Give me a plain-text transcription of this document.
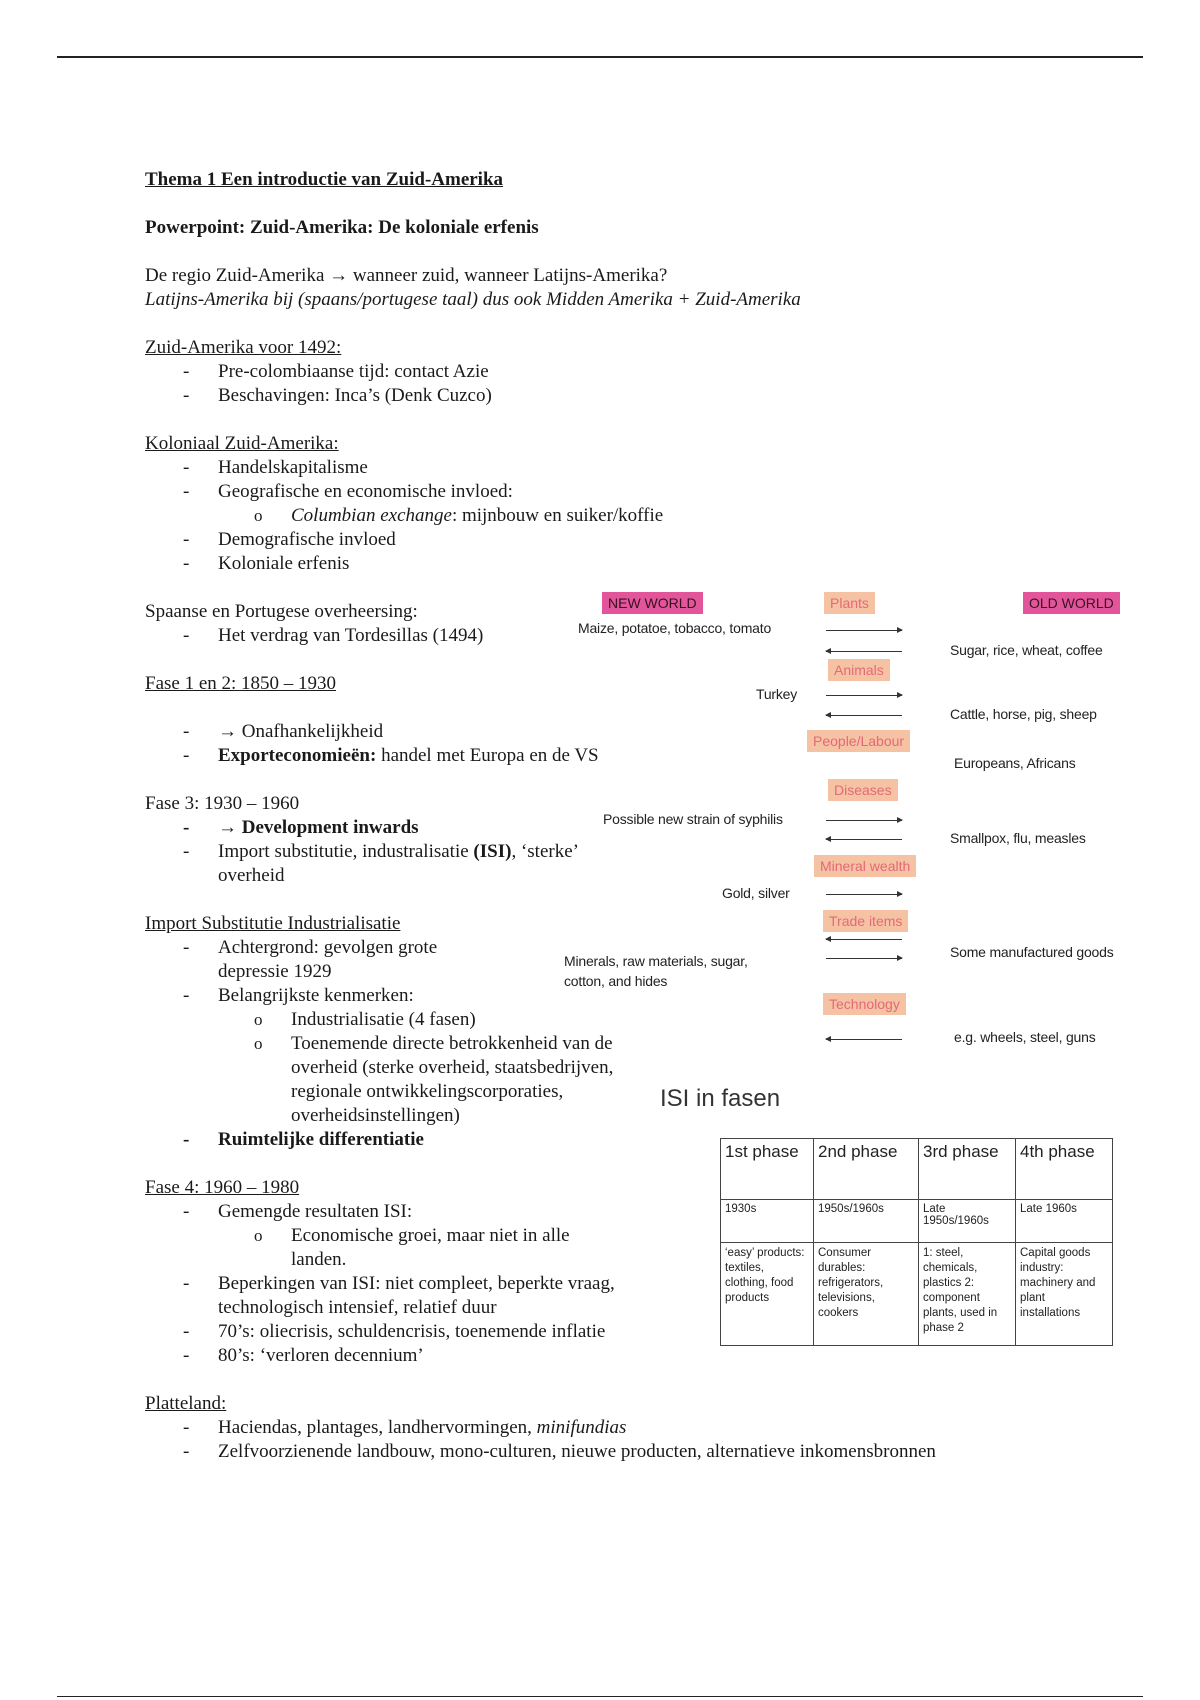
Thema 1 Een introductie van Zuid-Amerika

Powerpoint: Zuid-Amerika: De koloniale erfenis

De regio Zuid-Amerika → wanneer zuid, wanneer Latijns-Amerika?

Latijns-Amerika bij (spaans/portugese taal) dus ook Midden Amerika + Zuid-Amerika

Zuid-Amerika voor 1492:

- Pre-colombiaanse tijd: contact Azie
- Beschavingen: Inca’s (Denk Cuzco)

Koloniaal Zuid-Amerika:

- Handelskapitalisme
- Geografische en economische invloed:
o Columbian exchange: mijnbouw en suiker/koffie
- Demografische invloed
- Koloniale erfenis

Spaanse en Portugese overheersing:

- Het verdrag van Tordesillas (1494)

Fase 1 en 2: 1850 – 1930

- → Onafhankelijkheid
- Exporteconomieën: handel met Europa en de VS

Fase 3: 1930 – 1960

- → Development inwards
- Import substitutie, industralisatie (ISI), ‘sterke’ overheid

Import Substitutie Industrialisatie

- Achtergrond: gevolgen grote depressie 1929
- Belangrijkste kenmerken:
o Industrialisatie (4 fasen)
o Toenemende directe betrokkenheid van de overheid (sterke overheid, staatsbedrijven, regionale ontwikkelingscorporaties, overheidsinstellingen)
- Ruimtelijke differentiatie

Fase 4: 1960 – 1980

- Gemengde resultaten ISI:
o Economische groei, maar niet in alle landen.
- Beperkingen van ISI: niet compleet, beperkte vraag, technologisch intensief, relatief duur
- 70’s: oliecrisis, schuldencrisis, toenemende inflatie
- 80’s: ‘verloren decennium’

Platteland:

- Haciendas, plantages, landhervormingen, minifundias
- Zelfvoorzienende landbouw, mono-culturen, nieuwe producten, alternatieve inkomensbronnen
NEW WORLD	OLD WORLD
Plants
Maize, potatoe, tobacco, tomato
Sugar, rice, wheat, coffee
Animals
Turkey
Cattle, horse, pig, sheep
People/Labour
Europeans, Africans
Diseases
Possible new strain of syphilis
Smallpox, flu, measles
Mineral wealth
Gold, silver
Trade items
Minerals, raw materials, sugar, cotton, and hides
Some manufactured goods
Technology
e.g. wheels, steel, guns
ISI in fasen
1st phase	2nd phase	3rd phase	4th phase
1930s	1950s/1960s	Late 1950s/1960s	Late 1960s
‘easy’ products: textiles, clothing, food products	Consumer durables: refrigerators, televisions, cookers	1: steel, chemicals, plastics 2: component plants, used in phase 2	Capital goods industry: machinery and plant installations
